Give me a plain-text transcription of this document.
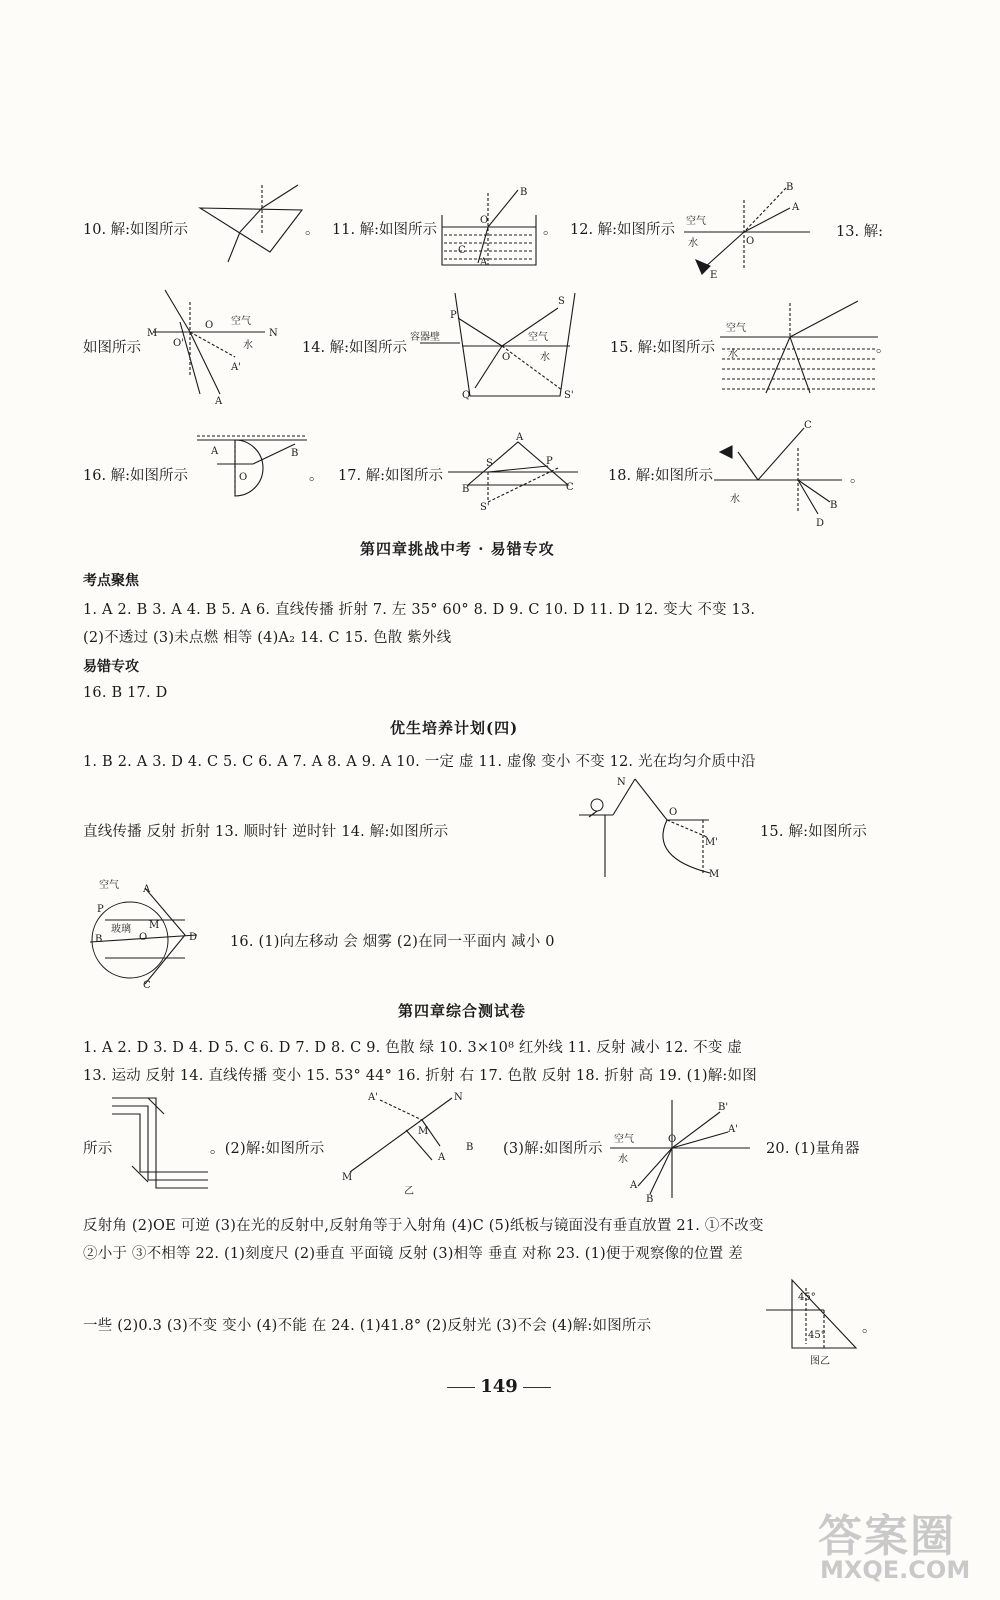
10. 解:如图所示	。 11. 解:如图所示
B
O
C
A
。 12. 解:如图所示
空气
水
B
A
O
E
13. 解:
如图所示
M	N
O
O'
空气
水
A'
A
14. 解:如图所示
容器壁
P
S
O
Q	S'
空气
水
15. 解:如图所示
空气
水	。
16. 解:如图所示
A	B
O	。 17. 解:如图所示
S	P
A
B	C
S'
18. 解:如图所示
C
B
D
水
。
第四章挑战中考 · 易错专攻
考点聚焦
1. A 2. B 3. A 4. B 5. A 6. 直线传播 折射 7. 左 35° 60° 8. D 9. C 10. D 11. D 12. 变大 不变 13.
(2)不透过 (3)未点燃 相等 (4)A₂ 14. C 15. 色散 紫外线
易错专攻
16. B 17. D
优生培养计划(四)
1. B 2. A 3. D 4. C 5. C 6. A 7. A 8. A 9. A 10. 一定 虚 11. 虚像 变小 不变 12. 光在均匀介质中沿
直线传播 反射 折射 13. 顺时针 逆时针 14. 解:如图所示
N
O
M'
M
15. 解:如图所示
空气
玻璃
A
P
O
B
M
C
D 16. (1)向左移动 会 烟雾 (2)在同一平面内 减小 0
第四章综合测试卷
1. A 2. D 3. D 4. D 5. C 6. D 7. D 8. C 9. 色散 绿 10. 3×10⁸ 红外线 11. 反射 减小 12. 不变 虚
13. 运动 反射 14. 直线传播 变小 15. 53° 44° 16. 折射 右 17. 色散 反射 18. 折射 高 19. (1)解:如图
所示	。(2)解:如图所示
A'	N
M
A
B
M
乙
(3)解:如图所示
空气
水
O
B'
A'
A
B
20. (1)量角器
反射角 (2)OE 可逆 (3)在光的反射中,反射角等于入射角 (4)C (5)纸板与镜面没有垂直放置 21. ①不改变
②小于 ③不相等 22. (1)刻度尺 (2)垂直 平面镜 反射 (3)相等 垂直 对称 23. (1)便于观察像的位置 差
一些 (2)0.3 (3)不变 变小 (4)不能 在 24. (1)41.8° (2)反射光 (3)不会 (4)解:如图所示
45°
45°
图乙
。
149
答案圈
MXQE.COM
